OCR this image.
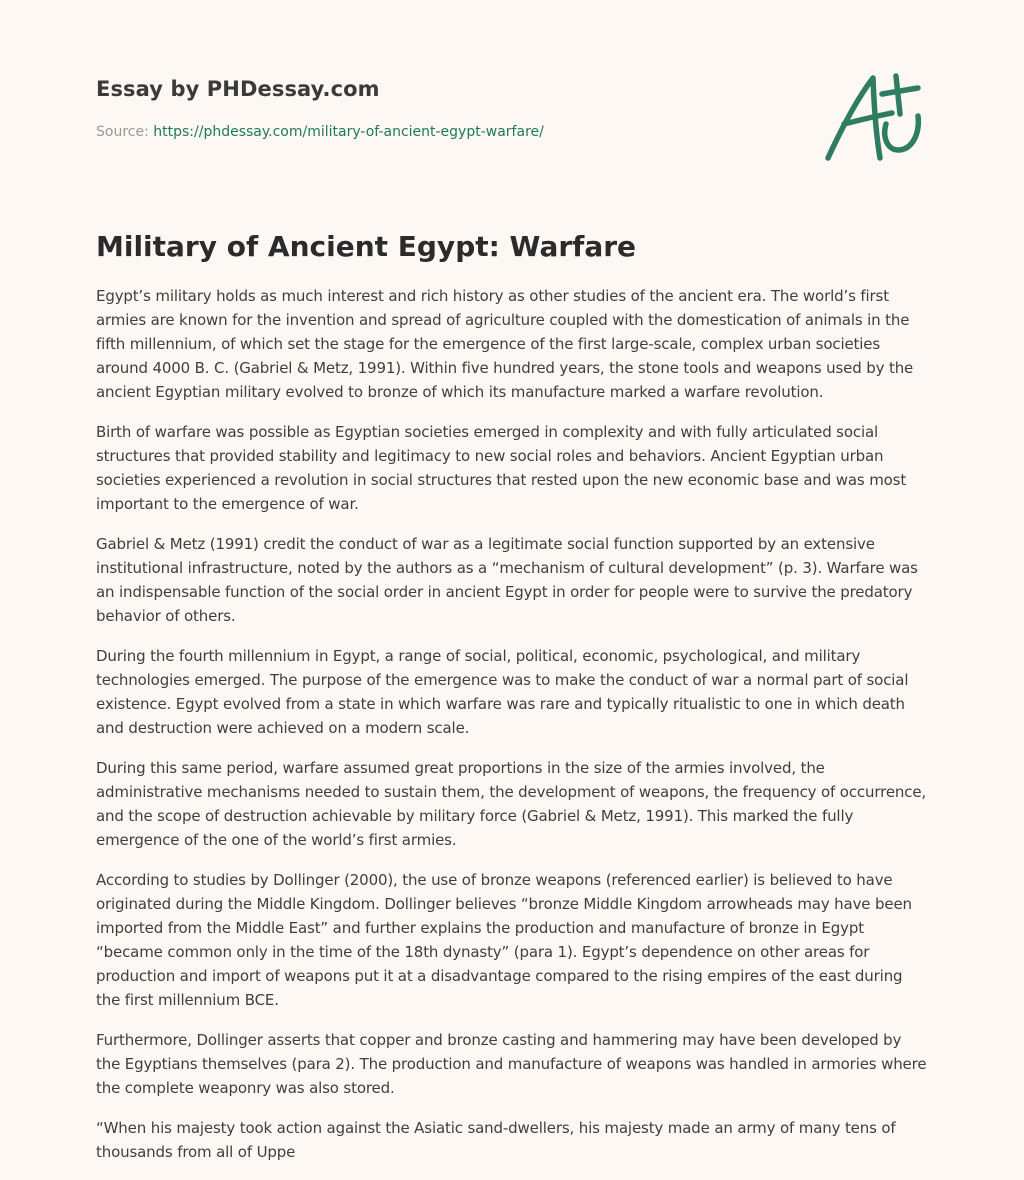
Essay by PHDessay.com
Source: https://phdessay.com/military-of-ancient-egypt-warfare/
Military of Ancient Egypt: Warfare

Egypt’s military holds as much interest and rich history as other studies of the ancient era. The world’s first armies are known for the invention and spread of agriculture coupled with the domestication of animals in the fifth millennium, of which set the stage for the emergence of the first large-scale, complex urban societies around 4000 B. C. (Gabriel & Metz, 1991). Within five hundred years, the stone tools and weapons used by the ancient Egyptian military evolved to bronze of which its manufacture marked a warfare revolution.

Birth of warfare was possible as Egyptian societies emerged in complexity and with fully articulated social structures that provided stability and legitimacy to new social roles and behaviors. Ancient Egyptian urban societies experienced a revolution in social structures that rested upon the new economic base and was most important to the emergence of war.

Gabriel & Metz (1991) credit the conduct of war as a legitimate social function supported by an extensive institutional infrastructure, noted by the authors as a “mechanism of cultural development” (p. 3). Warfare was an indispensable function of the social order in ancient Egypt in order for people were to survive the predatory behavior of others.

During the fourth millennium in Egypt, a range of social, political, economic, psychological, and military technologies emerged. The purpose of the emergence was to make the conduct of war a normal part of social existence. Egypt evolved from a state in which warfare was rare and typically ritualistic to one in which death and destruction were achieved on a modern scale.

During this same period, warfare assumed great proportions in the size of the armies involved, the administrative mechanisms needed to sustain them, the development of weapons, the frequency of occurrence, and the scope of destruction achievable by military force (Gabriel & Metz, 1991). This marked the fully emergence of the one of the world’s first armies.

According to studies by Dollinger (2000), the use of bronze weapons (referenced earlier) is believed to have originated during the Middle Kingdom. Dollinger believes “bronze Middle Kingdom arrowheads may have been imported from the Middle East” and further explains the production and manufacture of bronze in Egypt “became common only in the time of the 18th dynasty” (para 1). Egypt’s dependence on other areas for production and import of weapons put it at a disadvantage compared to the rising empires of the east during the first millennium BCE.

Furthermore, Dollinger asserts that copper and bronze casting and hammering may have been developed by the Egyptians themselves (para 2). The production and manufacture of weapons was handled in armories where the complete weaponry was also stored.

“When his majesty took action against the Asiatic sand-dwellers, his majesty made an army of many tens of thousands from all of Uppe
